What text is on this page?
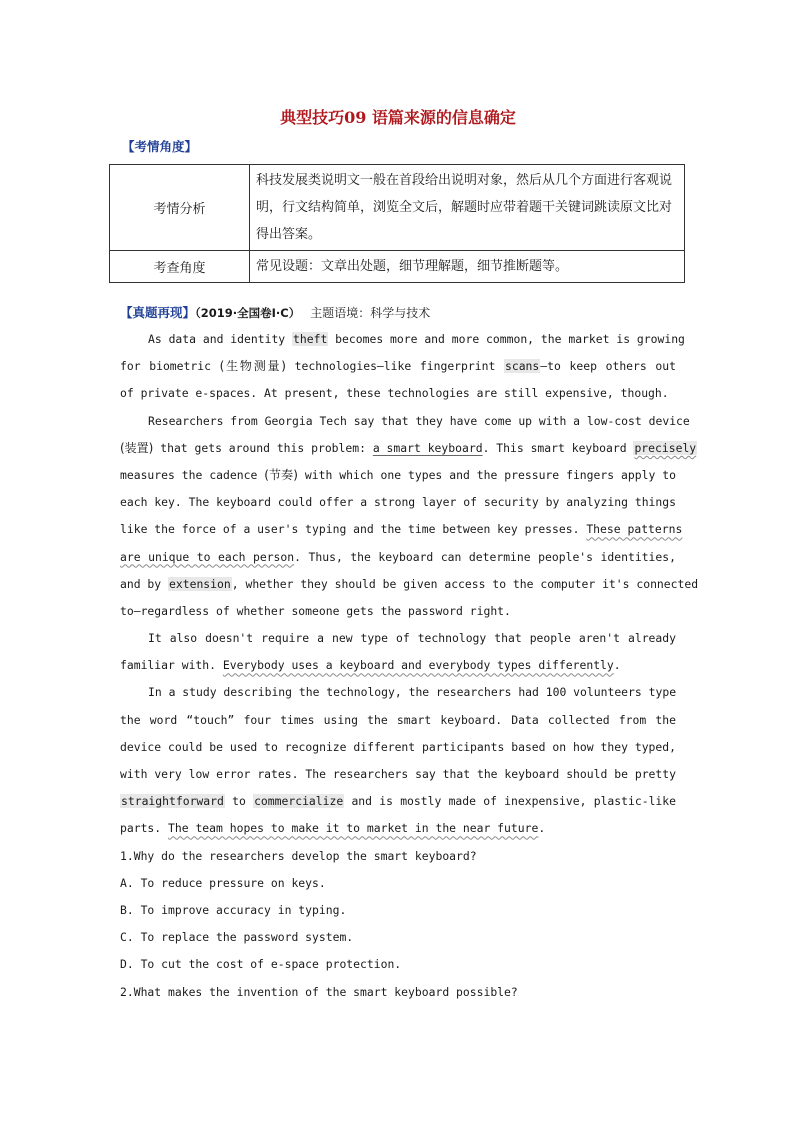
典型技巧09 语篇来源的信息确定
【考情角度】
考情分析	科技发展类说明文一般在首段给出说明对象，然后从几个方面进行客观说明，行文结构简单，浏览全文后，解题时应带着题干关键词跳读原文比对得出答案。
考查角度	常见设题：文章出处题，细节理解题，细节推断题等。
【真题再现】（2019·全国卷Ⅰ·C） 主题语境：科学与技术
As data and identity theft becomes more and more common, the market is growing
for biometric (生物测量) technologies—like fingerprint scans—to keep others out
of private e-spaces. At present, these technologies are still expensive, though.
Researchers from Georgia Tech say that they have come up with a low-cost device
(装置) that gets around this problem: a smart keyboard. This smart keyboard precisely
measures the cadence (节奏) with which one types and the pressure fingers apply to
each key. The keyboard could offer a strong layer of security by analyzing things
like the force of a user's typing and the time between key presses. These patterns
are unique to each person. Thus, the keyboard can determine people's identities,
and by extension, whether they should be given access to the computer it's connected
to—regardless of whether someone gets the password right.
It also doesn't require a new type of technology that people aren't already
familiar with. Everybody uses a keyboard and everybody types differently.
In a study describing the technology, the researchers had 100 volunteers type
the word “touch” four times using the smart keyboard. Data collected from the
device could be used to recognize different participants based on how they typed,
with very low error rates. The researchers say that the keyboard should be pretty
straightforward to commercialize and is mostly made of inexpensive, plastic-like
parts. The team hopes to make it to market in the near future.
1.Why do the researchers develop the smart keyboard?
A. To reduce pressure on keys.
B. To improve accuracy in typing.
C. To replace the password system.
D. To cut the cost of e-space protection.
2.What makes the invention of the smart keyboard possible?
